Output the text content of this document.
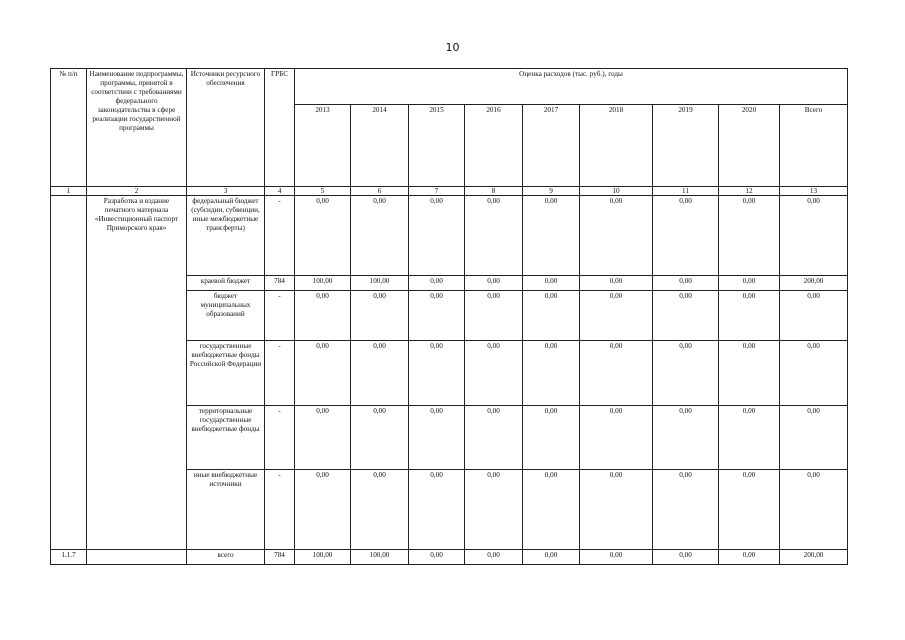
10
№ п/п	Наименование подпрограммы, программы, принятой в соответствии с требованиями федерального законодательства в сфере реализации государственной программы	Источники ресурсного обеспечения	ГРБС	Оценка расходов (тыс. руб.), годы								
				2013	2014	2015	2016	2017	2018	2019	2020	Всего
1	2	3	4	5	6	7	8	9	10	11	12	13
	Разработка и издание печатного материала «Инвестиционный паспорт Приморского края»	федеральный бюджет (субсидии, субвенции, иные межбюджетные трансферты)	-	0,00	0,00	0,00	0,00	0,00	0,00	0,00	0,00	0,00
		краевой бюджет	784	100,00	100,00	0,00	0,00	0,00	0,00	0,00	0,00	200,00
		бюджет муниципальных образований	-	0,00	0,00	0,00	0,00	0,00	0,00	0,00	0,00	0,00
		государственные внебюджетные фонды Российской Федерации	-	0,00	0,00	0,00	0,00	0,00	0,00	0,00	0,00	0,00
		территориальные государственные внебюджетные фонды	-	0,00	0,00	0,00	0,00	0,00	0,00	0,00	0,00	0,00
		иные внебюджетные источники	-	0,00	0,00	0,00	0,00	0,00	0,00	0,00	0,00	0,00
1.1.7		всего	784	100,00	100,00	0,00	0,00	0,00	0,00	0,00	0,00	200,00
